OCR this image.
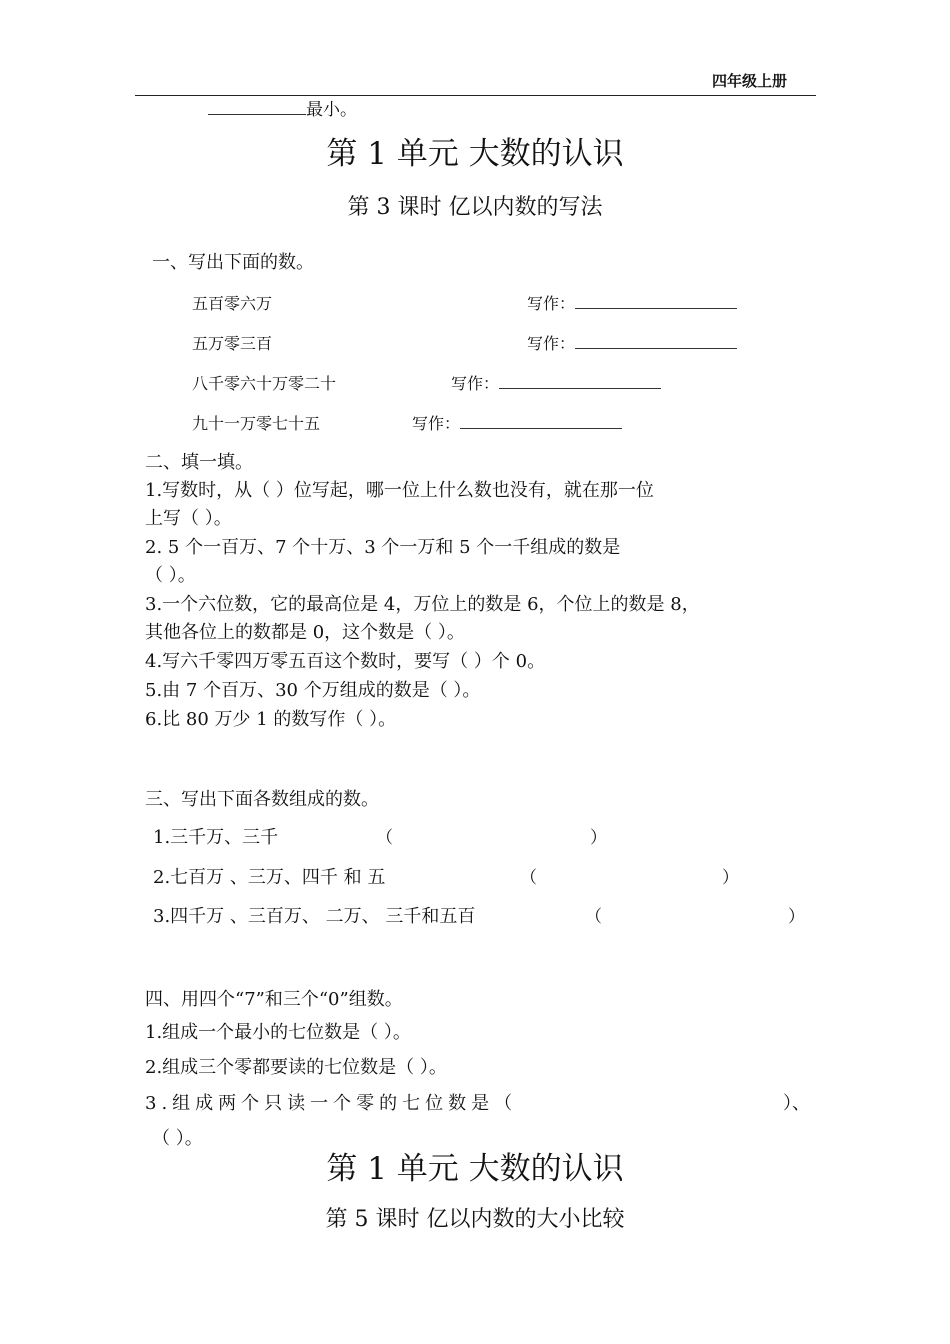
四年级上册
最小。
第 1 单元 大数的认识
第 3 课时 亿以内数的写法
一、写出下面的数。
五百零六万	写作：
五万零三百	写作：
八千零六十万零二十	写作：
九十一万零七十五	写作：
二、填一填。
1.写数时，从（ ）位写起，哪一位上什么数也没有，就在那一位
上写（ ）。
2. 5 个一百万、7 个十万、3 个一万和 5 个一千组成的数是
（ ）。
3.一个六位数，它的最高位是 4，万位上的数是 6，个位上的数是 8，
其他各位上的数都是 0，这个数是（ ）。
4.写六千零四万零五百这个数时，要写（ ）个 0。
5.由 7 个百万、30 个万组成的数是（ ）。
6.比 80 万少 1 的数写作（ ）。
三、写出下面各数组成的数。
1.三千万、三千	（	）
2.七百万 、三万、四千 和 五	（	）
3.四千万 、三百万、 二万、 三千和五百	（	）
四、用四个“7”和三个“0”组数。
1.组成一个最小的七位数是（ ）。
2.组成三个零都要读的七位数是（ ）。
3.组成两个只读一个零的七位数是（	）、
（ ）。
第 1 单元 大数的认识
第 5 课时 亿以内数的大小比较
